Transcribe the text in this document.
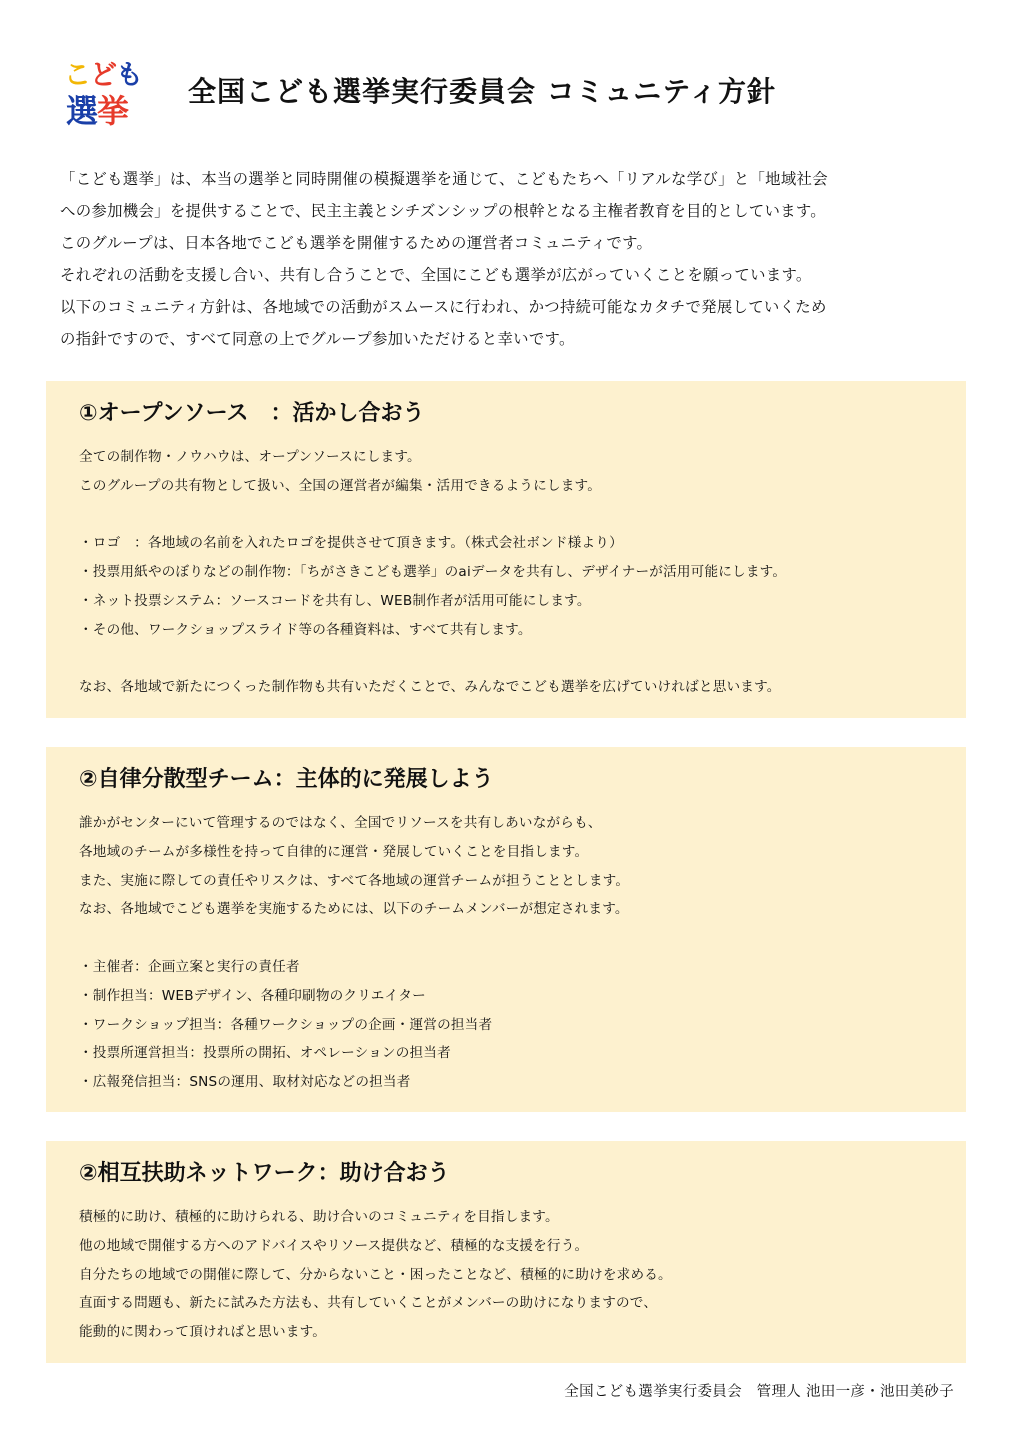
こども
選挙
全国こども選挙実行委員会 コミュニティ方針

「こども選挙」は、本当の選挙と同時開催の模擬選挙を通じて、こどもたちへ「リアルな学び」と「地域社会

への参加機会」を提供することで、民主主義とシチズンシップの根幹となる主権者教育を目的としています。

このグループは、日本各地でこども選挙を開催するための運営者コミュニティです。

それぞれの活動を支援し合い、共有し合うことで、全国にこども選挙が広がっていくことを願っています。

以下のコミュニティ方針は、各地域での活動がスムースに行われ、かつ持続可能なカタチで発展していくため

の指針ですので、すべて同意の上でグループ参加いただけると幸いです。

①オープンソース　：活かし合おう

全ての制作物・ノウハウは、オープンソースにします。

このグループの共有物として扱い、全国の運営者が編集・活用できるようにします。

・ロゴ　：各地域の名前を入れたロゴを提供させて頂きます。（株式会社ボンド様より）

・投票用紙やのぼりなどの制作物：「ちがさきこども選挙」のaiデータを共有し、デザイナーが活用可能にします。

・ネット投票システム：ソースコードを共有し、WEB制作者が活用可能にします。

・その他、ワークショップスライド等の各種資料は、すべて共有します。

なお、各地域で新たにつくった制作物も共有いただくことで、みんなでこども選挙を広げていければと思います。

②自律分散型チーム：主体的に発展しよう

誰かがセンターにいて管理するのではなく、全国でリソースを共有しあいながらも、

各地域のチームが多様性を持って自律的に運営・発展していくことを目指します。

また、実施に際しての責任やリスクは、すべて各地域の運営チームが担うこととします。

なお、各地域でこども選挙を実施するためには、以下のチームメンバーが想定されます。

・主催者：企画立案と実行の責任者

・制作担当：WEBデザイン、各種印刷物のクリエイター

・ワークショップ担当：各種ワークショップの企画・運営の担当者

・投票所運営担当：投票所の開拓、オペレーションの担当者

・広報発信担当：SNSの運用、取材対応などの担当者

②相互扶助ネットワーク：助け合おう

積極的に助け、積極的に助けられる、助け合いのコミュニティを目指します。

他の地域で開催する方へのアドバイスやリソース提供など、積極的な支援を行う。

自分たちの地域での開催に際して、分からないこと・困ったことなど、積極的に助けを求める。

直面する問題も、新たに試みた方法も、共有していくことがメンバーの助けになりますので、

能動的に関わって頂ければと思います。

全国こども選挙実行委員会　管理人 池田一彦・池田美砂子
